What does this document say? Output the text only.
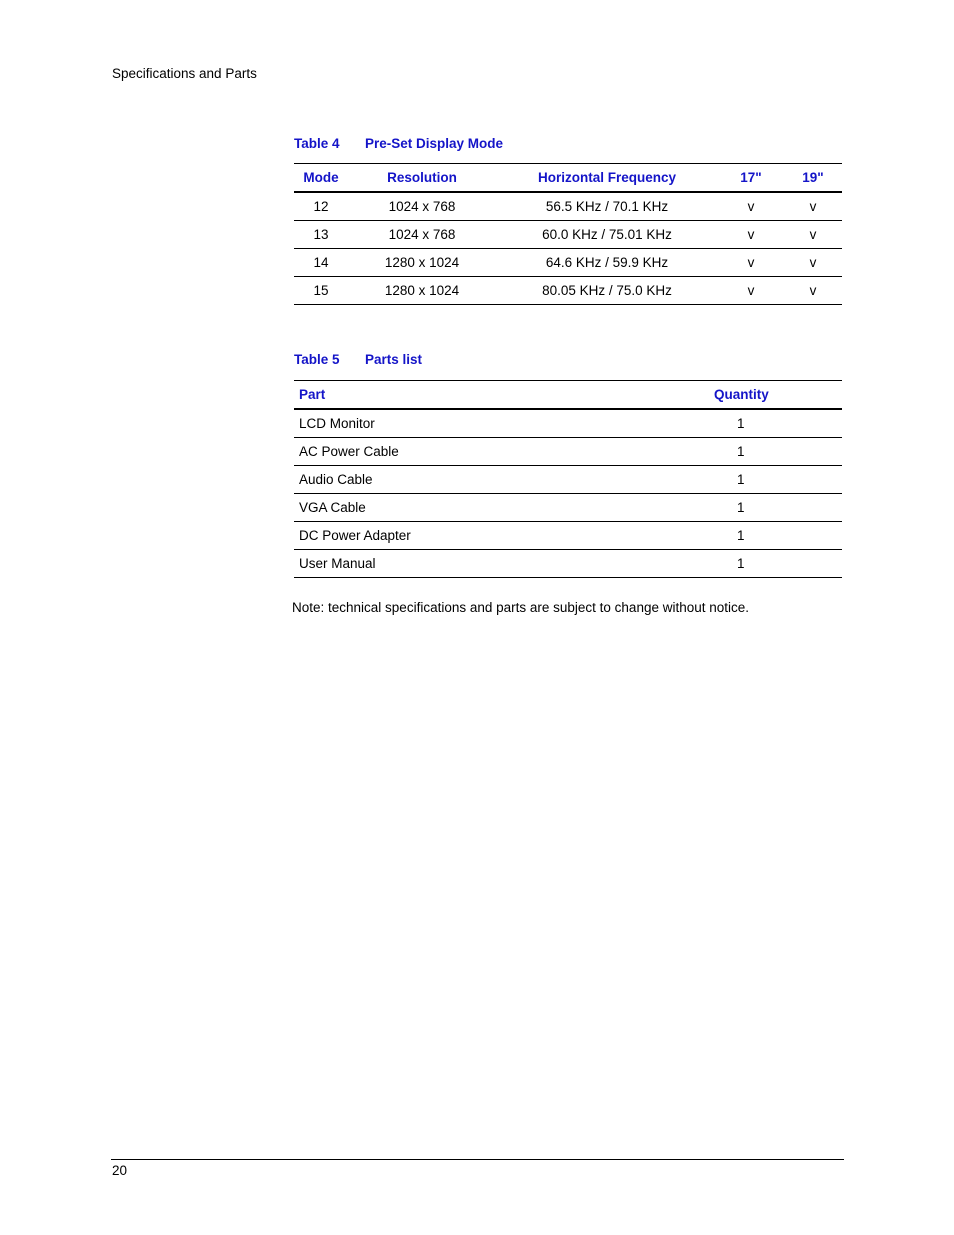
Specifications and Parts
Table 4 Pre-Set Display Mode
Mode	Resolution	Horizontal Frequency	17"	19"
12	1024 x 768	56.5 KHz / 70.1 KHz	v	v
13	1024 x 768	60.0 KHz / 75.01 KHz	v	v
14	1280 x 1024	64.6 KHz / 59.9 KHz	v	v
15	1280 x 1024	80.05 KHz / 75.0 KHz	v	v
Table 5 Parts list
Part	Quantity
LCD Monitor	1
AC Power Cable	1
Audio Cable	1
VGA Cable	1
DC Power Adapter	1
User Manual	1
Note: technical specifications and parts are subject to change without notice.
20
